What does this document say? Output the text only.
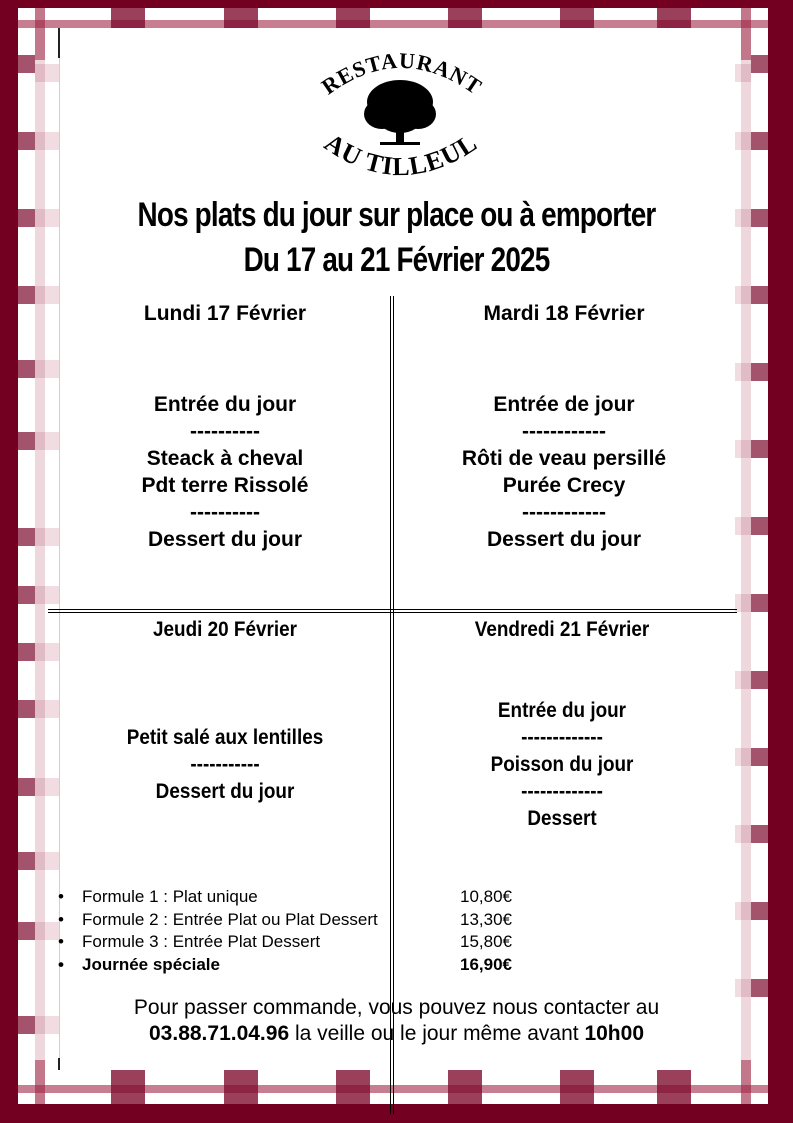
RESTAURANT
AU TILLEUL
Nos plats du jour sur place ou à emporter
Du 17 au 21 Février 2025
Lundi 17 Février
Entrée du jour
----------
Steack à cheval
Pdt terre Rissolé
----------
Dessert du jour
Mardi 18 Février
Entrée de jour
------------
Rôti de veau persillé
Purée Crecy
------------
Dessert du jour
Jeudi 20 Février
Petit salé aux lentilles
-----------
Dessert du jour
Vendredi 21 Février
Entrée du jour
-------------
Poisson du jour
-------------
Dessert
• Formule 1 : Plat unique	10,80€
• Formule 2 : Entrée Plat ou Plat Dessert	13,30€
• Formule 3 : Entrée Plat Dessert	15,80€
• Journée spéciale	16,90€
Pour passer commande, vous pouvez nous contacter au
03.88.71.04.96 la veille ou le jour même avant 10h00
